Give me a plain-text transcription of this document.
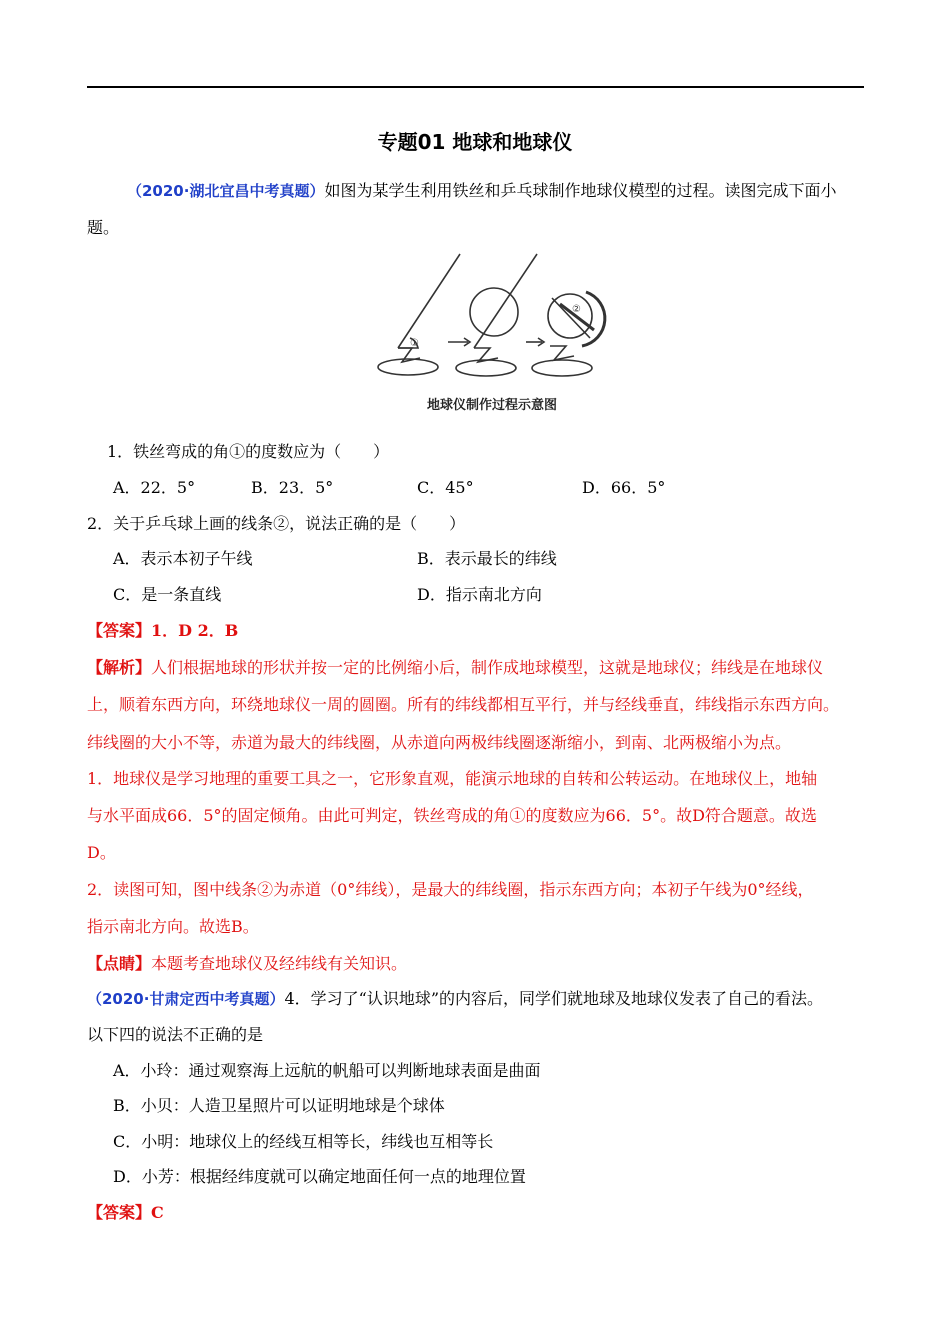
专题01 地球和地球仪
（2020·湖北宜昌中考真题）如图为某学生利用铁丝和乒乓球制作地球仪模型的过程。读图完成下面小
题。
①
②
地球仪制作过程示意图
1．铁丝弯成的角①的度数应为（　　）
A．22．5°	B．23．5°	C．45°	D．66．5°
2．关于乒乓球上画的线条②，说法正确的是（　　）
A．表示本初子午线	B．表示最长的纬线
C．是一条直线	D．指示南北方向
【答案】1．D 2．B
【解析】人们根据地球的形状并按一定的比例缩小后，制作成地球模型，这就是地球仪；纬线是在地球仪
上，顺着东西方向，环绕地球仪一周的圆圈。所有的纬线都相互平行，并与经线垂直，纬线指示东西方向。
纬线圈的大小不等，赤道为最大的纬线圈，从赤道向两极纬线圈逐渐缩小，到南、北两极缩小为点。
1．地球仪是学习地理的重要工具之一，它形象直观，能演示地球的自转和公转运动。在地球仪上，地轴
与水平面成66．5°的固定倾角。由此可判定，铁丝弯成的角①的度数应为66．5°。故D符合题意。故选
D。
2．读图可知，图中线条②为赤道（0°纬线），是最大的纬线圈，指示东西方向；本初子午线为0°经线，
指示南北方向。故选B。
【点睛】本题考查地球仪及经纬线有关知识。
（2020·甘肃定西中考真题）4．学习了“认识地球”的内容后，同学们就地球及地球仪发表了自己的看法。
以下四的说法不正确的是
A．小玲：通过观察海上远航的帆船可以判断地球表面是曲面
B．小贝：人造卫星照片可以证明地球是个球体
C．小明：地球仪上的经线互相等长，纬线也互相等长
D．小芳：根据经纬度就可以确定地面任何一点的地理位置
【答案】C
